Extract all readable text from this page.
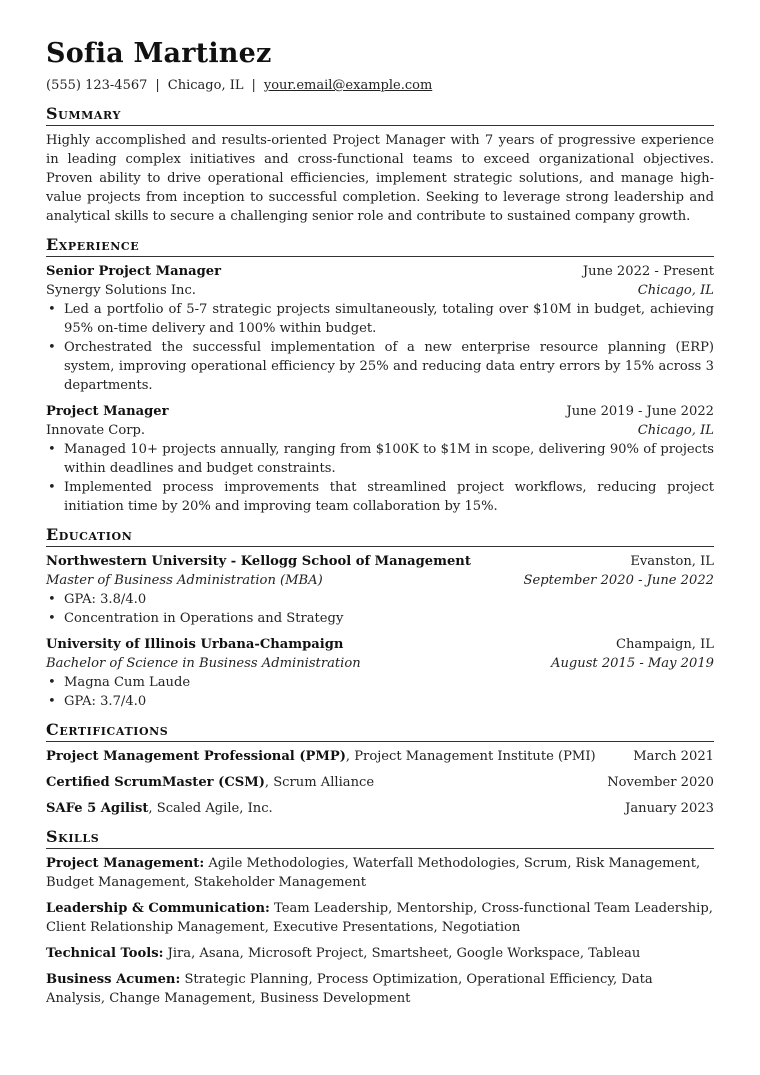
Sofia Martinez
(555) 123-4567 | Chicago, IL | your.email@example.com
Summary
Highly accomplished and results-oriented Project Manager with 7 years of progressive experience in leading complex initiatives and cross-functional teams to exceed organizational objectives. Proven ability to drive operational efficiencies, implement strategic solutions, and manage high-value projects from inception to successful completion. Seeking to leverage strong leadership and analytical skills to secure a challenging senior role and contribute to sustained company growth.
Experience
Senior Project Manager	June 2022 - Present
Synergy Solutions Inc.	Chicago, IL
• Led a portfolio of 5-7 strategic projects simultaneously, totaling over $10M in budget, achieving 95% on-time delivery and 100% within budget.
• Orchestrated the successful implementation of a new enterprise resource planning (ERP) system, improving operational efficiency by 25% and reducing data entry errors by 15% across 3 departments.
Project Manager	June 2019 - June 2022
Innovate Corp.	Chicago, IL
• Managed 10+ projects annually, ranging from $100K to $1M in scope, delivering 90% of projects within deadlines and budget constraints.
• Implemented process improvements that streamlined project workflows, reducing project initiation time by 20% and improving team collaboration by 15%.
Education
Northwestern University - Kellogg School of Management	Evanston, IL
Master of Business Administration (MBA)	September 2020 - June 2022
• GPA: 3.8/4.0
• Concentration in Operations and Strategy
University of Illinois Urbana-Champaign	Champaign, IL
Bachelor of Science in Business Administration	August 2015 - May 2019
• Magna Cum Laude
• GPA: 3.7/4.0
Certifications
Project Management Professional (PMP), Project Management Institute (PMI)	March 2021
Certified ScrumMaster (CSM), Scrum Alliance	November 2020
SAFe 5 Agilist, Scaled Agile, Inc.	January 2023
Skills
Project Management: Agile Methodologies, Waterfall Methodologies, Scrum, Risk Management, Budget Management, Stakeholder Management
Leadership & Communication: Team Leadership, Mentorship, Cross-functional Team Leadership, Client Relationship Management, Executive Presentations, Negotiation
Technical Tools: Jira, Asana, Microsoft Project, Smartsheet, Google Workspace, Tableau
Business Acumen: Strategic Planning, Process Optimization, Operational Efficiency, Data Analysis, Change Management, Business Development
